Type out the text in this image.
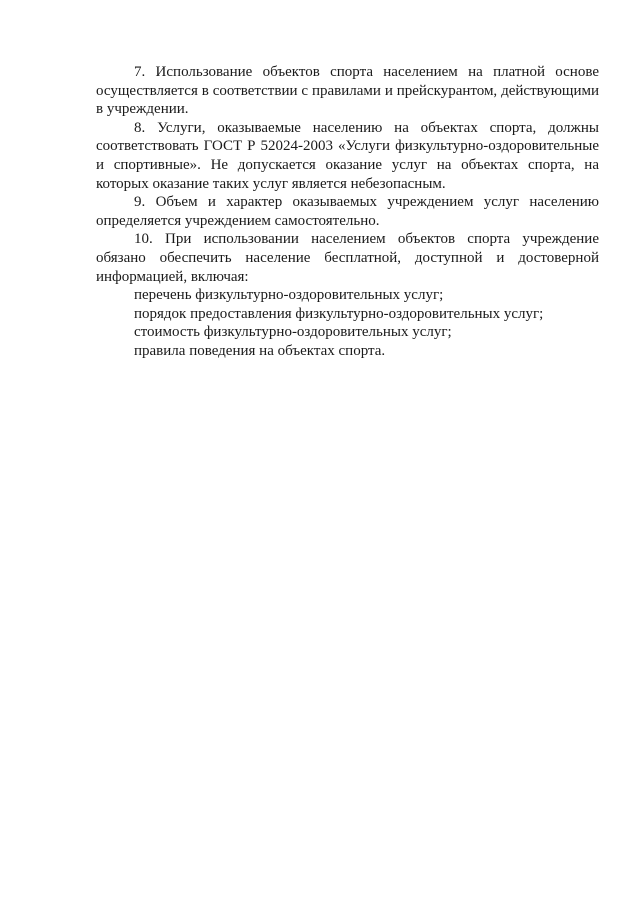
7. Использование объектов спорта населением на платной основе осуществляется в соответствии с правилами и прейскурантом, действующими в учреждении.

8. Услуги, оказываемые населению на объектах спорта, должны соответствовать ГОСТ Р 52024-2003 «Услуги физкультурно-оздоровительные и спортивные». Не допускается оказание услуг на объектах спорта, на которых оказание таких услуг является небезопасным.

9. Объем и характер оказываемых учреждением услуг населению определяется учреждением самостоятельно.

10. При использовании населением объектов спорта учреждение обязано обеспечить население бесплатной, доступной и достоверной информацией, включая:

перечень физкультурно-оздоровительных услуг;

порядок предоставления физкультурно-оздоровительных услуг;

стоимость физкультурно-оздоровительных услуг;

правила поведения на объектах спорта.
